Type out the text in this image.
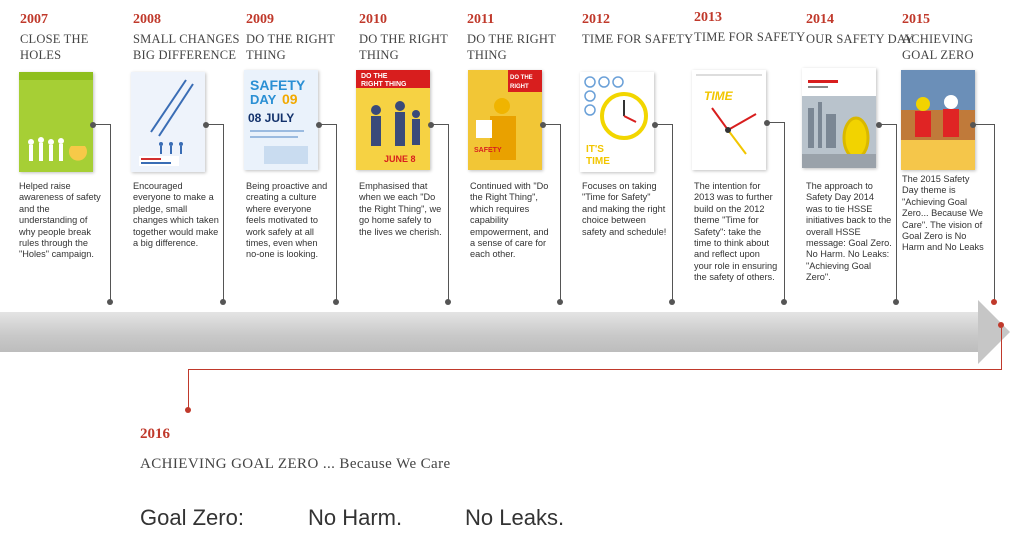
2007
CLOSE THE HOLES
2008
SMALL CHANGES BIG DIFFERENCE
2009
DO THE RIGHT THING
2010
DO THE RIGHT THING
2011
DO THE RIGHT THING
2012
TIME FOR SAFETY
2013
TIME FOR SAFETY
2014
OUR SAFETY DAY
2015
ACHIEVING GOAL ZERO
SAFETY
DAY 09
08 JULY
DO THE
RIGHT THING
JUNE 8
DO THE
RIGHT
SAFETY	IT'S
TIME
TIME
Helped raise awareness of safety and the understanding of why people break rules through the "Holes" campaign.
Encouraged everyone to make a pledge, small changes which taken together would make a big difference.
Being proactive and creating a culture where everyone feels motivated to work safely at all times, even when no-one is looking.
Emphasised that when we each "Do the Right Thing", we go home safely to the lives we cherish.
Continued with "Do the Right Thing", which requires capability empowerment, and a sense of care for each other.
Focuses on taking "Time for Safety" and making the right choice between safety and schedule!
The intention for 2013 was to further build on the 2012 theme "Time for Safety": take the time to think about and reflect upon your role in ensuring the safety of others.
The approach to Safety Day 2014 was to tie HSSE initiatives back to the overall HSSE message: Goal Zero. No Harm. No Leaks: "Achieving Goal Zero".
The 2015 Safety Day theme is "Achieving Goal Zero... Because We Care". The vision of Goal Zero is No Harm and No Leaks
2016
ACHIEVING GOAL ZERO ... Because We Care
Goal Zero:	No Harm.	No Leaks.
